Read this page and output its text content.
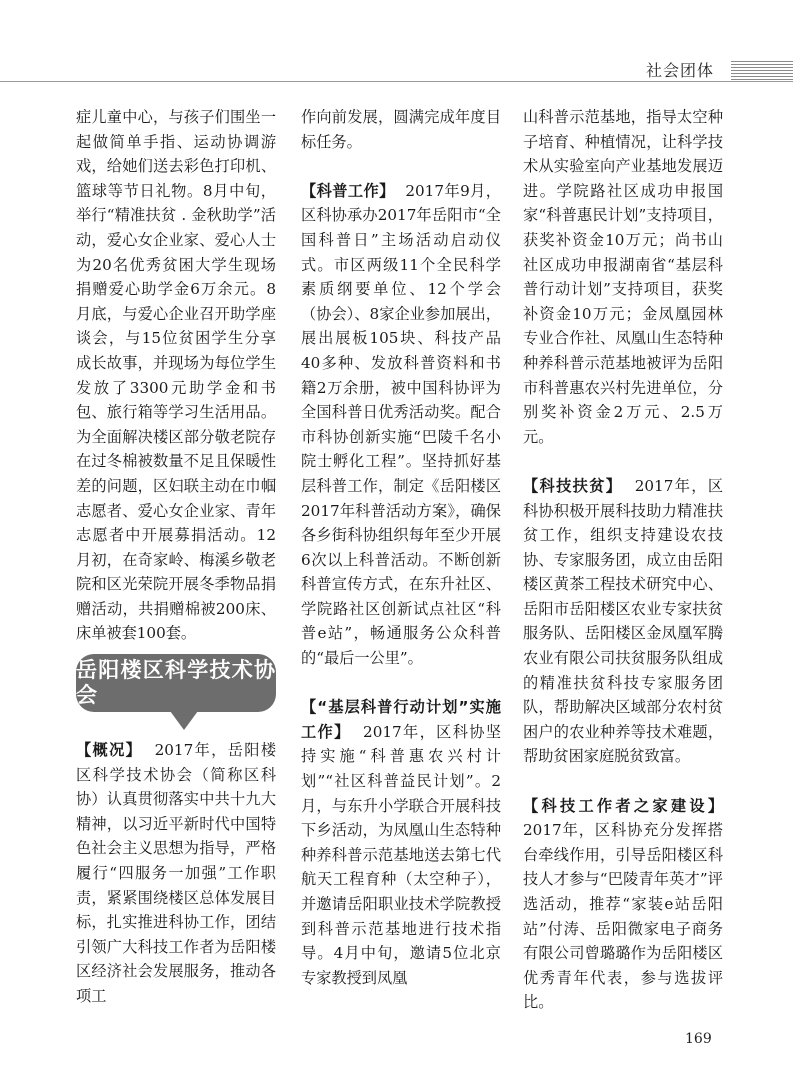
社会团体

症儿童中心，与孩子们围坐一起做简单手指、运动协调游戏，给她们送去彩色打印机、篮球等节日礼物。8月中旬，举行“精准扶贫 . 金秋助学”活动，爱心女企业家、爱心人士为20名优秀贫困大学生现场捐赠爱心助学金6万余元。8月底，与爱心企业召开助学座谈会，与15位贫困学生分享成长故事，并现场为每位学生发放了3300元助学金和书包、旅行箱等学习生活用品。为全面解决楼区部分敬老院存在过冬棉被数量不足且保暖性差的问题，区妇联主动在巾帼志愿者、爱心女企业家、青年志愿者中开展募捐活动。12月初，在奇家岭、梅溪乡敬老院和区光荣院开展冬季物品捐赠活动，共捐赠棉被200床、床单被套100套。

岳阳楼区科学技术协会

【概况】 2017年，岳阳楼区科学技术协会（简称区科协）认真贯彻落实中共十九大精神，以习近平新时代中国特色社会主义思想为指导，严格履行“四服务一加强”工作职责，紧紧围绕楼区总体发展目标，扎实推进科协工作，团结引领广大科技工作者为岳阳楼区经济社会发展服务，推动各项工

作向前发展，圆满完成年度目标任务。

【科普工作】 2017年9月，区科协承办2017年岳阳市“全国科普日”主场活动启动仪式。市区两级11个全民科学素质纲要单位、12个学会（协会）、8家企业参加展出，展出展板105块、科技产品40多种、发放科普资料和书籍2万余册，被中国科协评为全国科普日优秀活动奖。配合市科协创新实施“巴陵千名小院士孵化工程”。坚持抓好基层科普工作，制定《岳阳楼区2017年科普活动方案》，确保各乡街科协组织每年至少开展6次以上科普活动。不断创新科普宣传方式，在东升社区、学院路社区创新试点社区“科普e站”，畅通服务公众科普的“最后一公里”。

【“基层科普行动计划”实施工作】 2017年，区科协坚持实施“科普惠农兴村计划”“社区科普益民计划”。2月，与东升小学联合开展科技下乡活动，为凤凰山生态特种种养科普示范基地送去第七代航天工程育种（太空种子），并邀请岳阳职业技术学院教授到科普示范基地进行技术指导。4月中旬，邀请5位北京专家教授到凤凰

山科普示范基地，指导太空种子培育、种植情况，让科学技术从实验室向产业基地发展迈进。学院路社区成功申报国家“科普惠民计划”支持项目，获奖补资金10万元；尚书山社区成功申报湖南省“基层科普行动计划”支持项目，获奖补资金10万元；金凤凰园林专业合作社、凤凰山生态特种种养科普示范基地被评为岳阳市科普惠农兴村先进单位，分别奖补资金2万元、2.5万元。

【科技扶贫】 2017年，区科协积极开展科技助力精准扶贫工作，组织支持建设农技协、专家服务团，成立由岳阳楼区黄茶工程技术研究中心、岳阳市岳阳楼区农业专家扶贫服务队、岳阳楼区金凤凰军腾农业有限公司扶贫服务队组成的精准扶贫科技专家服务团队，帮助解决区域部分农村贫困户的农业种养等技术难题，帮助贫困家庭脱贫致富。

【科技工作者之家建设】 2017年，区科协充分发挥搭台牵线作用，引导岳阳楼区科技人才参与“巴陵青年英才”评选活动，推荐“家装e站岳阳站”付涛、岳阳微家电子商务有限公司曾璐璐作为岳阳楼区优秀青年代表，参与选拔评比。

169
